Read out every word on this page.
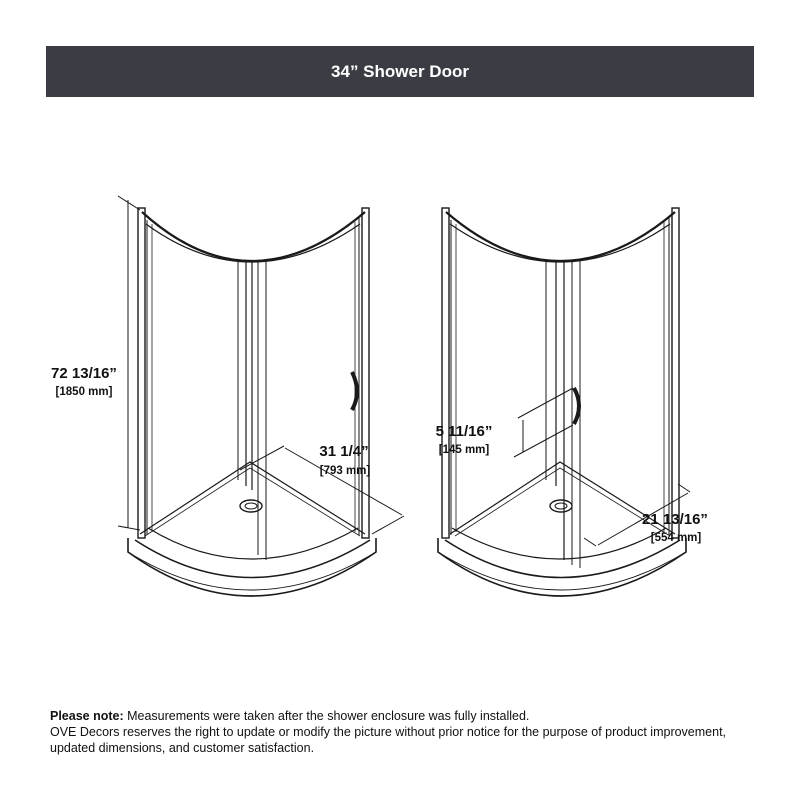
34” Shower Door
72 13/16”
[1850 mm]
31 1/4”
[793 mm]
5 11/16”
[145 mm]
21 13/16”
[554 mm]
Please note: Measurements were taken after the shower enclosure was fully installed.
OVE Decors reserves the right to update or modify the picture without prior notice for the purpose of product improvement, updated dimensions, and customer satisfaction.
